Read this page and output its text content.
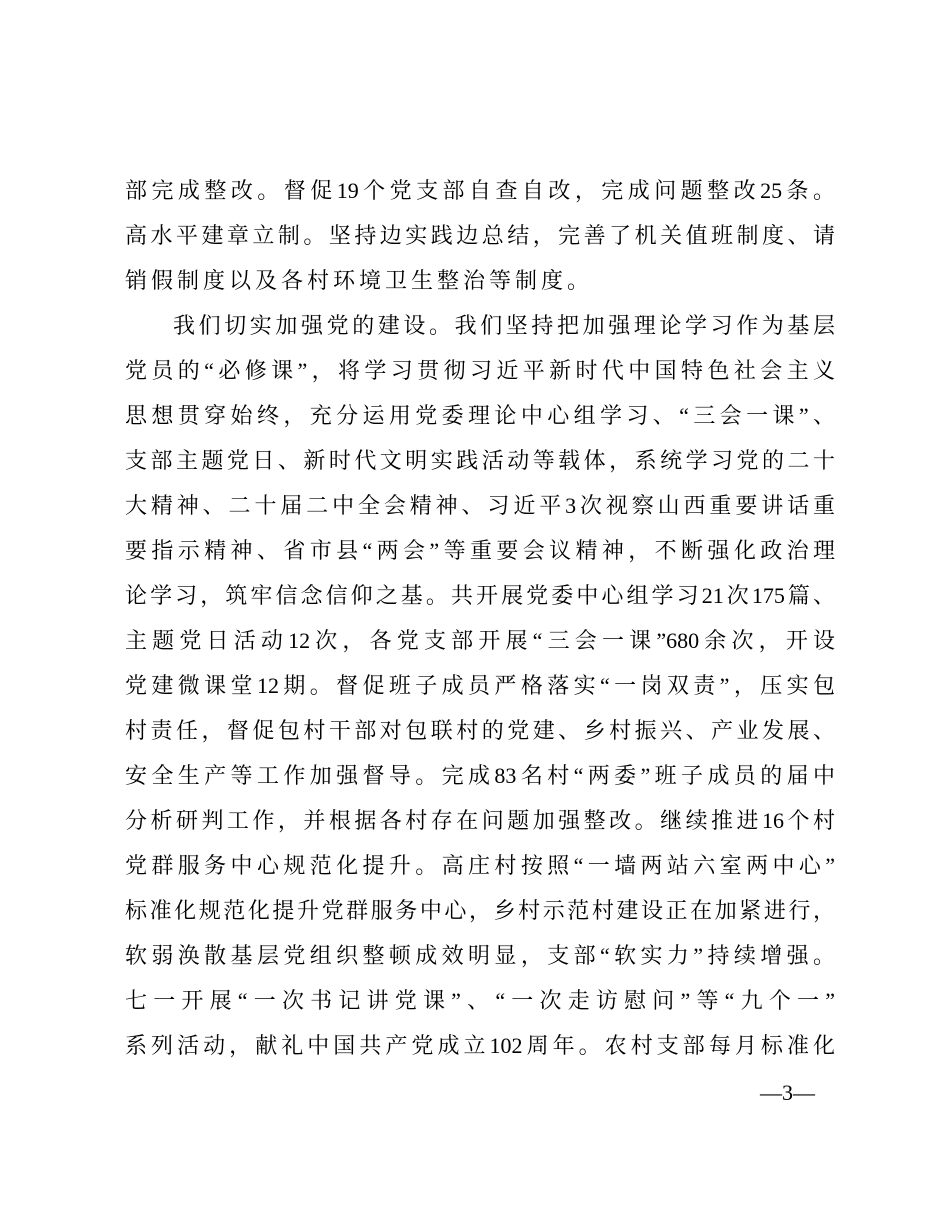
部完成整改。督促19个党支部自查自改，完成问题整改25条。
高水平建章立制。坚持边实践边总结，完善了机关值班制度、请
销假制度以及各村环境卫生整治等制度。
我们切实加强党的建设。我们坚持把加强理论学习作为基层
党员的“必修课”，将学习贯彻习近平新时代中国特色社会主义
思想贯穿始终，充分运用党委理论中心组学习、“三会一课”、
支部主题党日、新时代文明实践活动等载体，系统学习党的二十
大精神、二十届二中全会精神、习近平3次视察山西重要讲话重
要指示精神、省市县“两会”等重要会议精神，不断强化政治理
论学习，筑牢信念信仰之基。共开展党委中心组学习21次175篇、
主题党日活动12次，各党支部开展“三会一课”680余次，开设
党建微课堂12期。督促班子成员严格落实“一岗双责”，压实包
村责任，督促包村干部对包联村的党建、乡村振兴、产业发展、
安全生产等工作加强督导。完成83名村“两委”班子成员的届中
分析研判工作，并根据各村存在问题加强整改。继续推进16个村
党群服务中心规范化提升。高庄村按照“一墙两站六室两中心”
标准化规范化提升党群服务中心，乡村示范村建设正在加紧进行，
软弱涣散基层党组织整顿成效明显，支部“软实力”持续增强。
七一开展“一次书记讲党课”、“一次走访慰问”等“九个一”
系列活动，献礼中国共产党成立102周年。农村支部每月标准化
—3—
